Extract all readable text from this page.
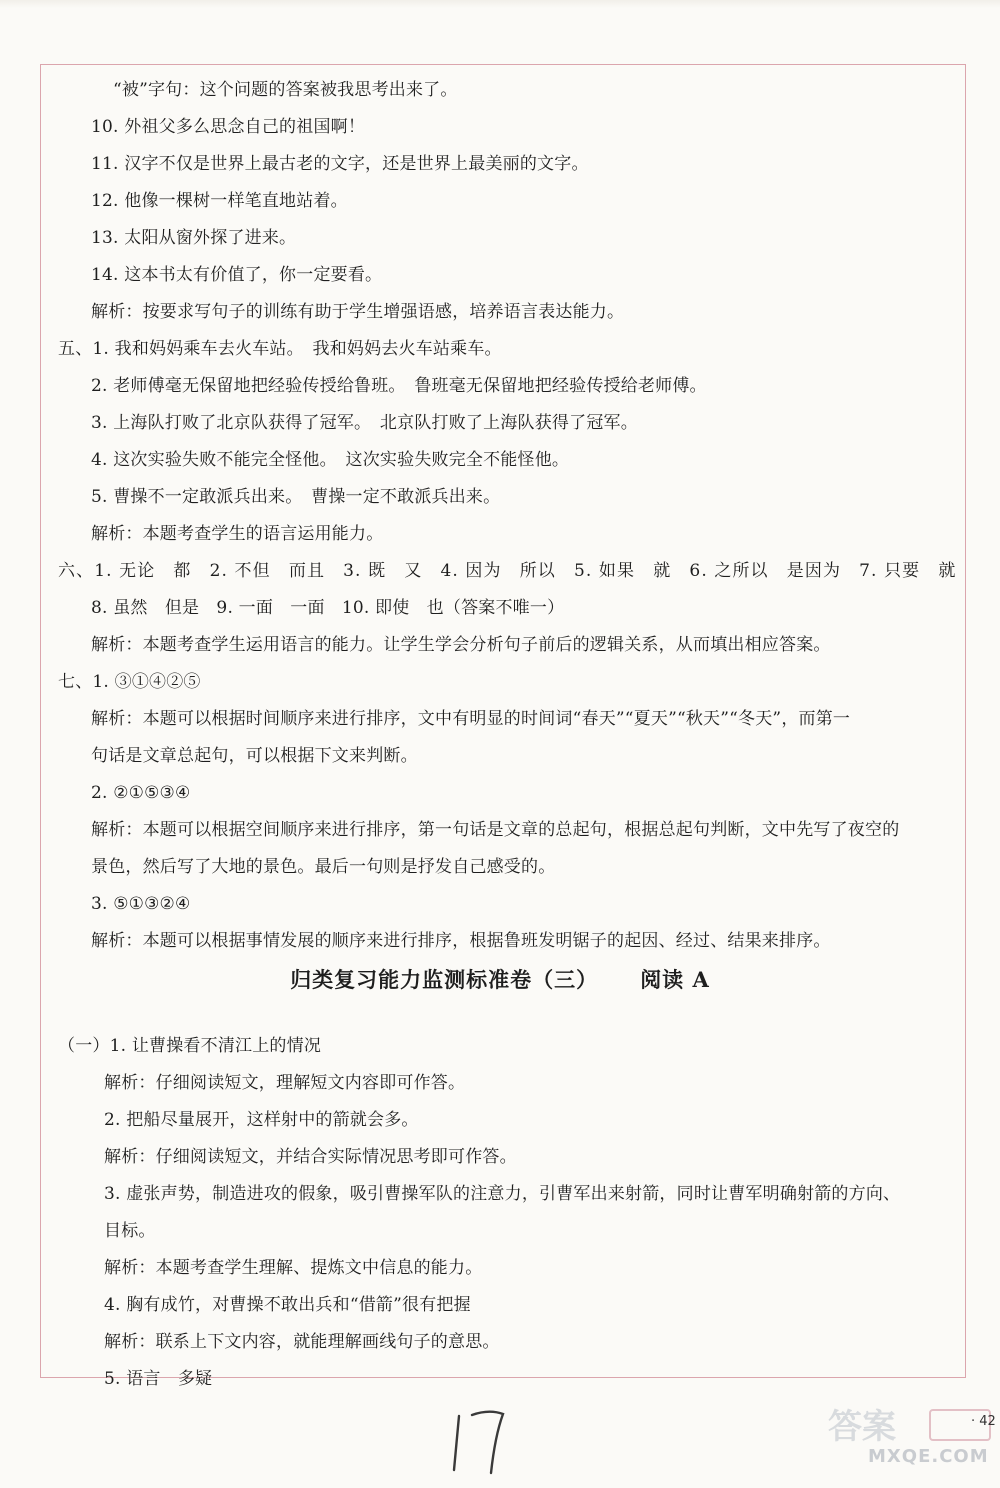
“被”字句：这个问题的答案被我思考出来了。
10. 外祖父多么思念自己的祖国啊！
11. 汉字不仅是世界上最古老的文字，还是世界上最美丽的文字。
12. 他像一棵树一样笔直地站着。
13. 太阳从窗外探了进来。
14. 这本书太有价值了，你一定要看。
解析：按要求写句子的训练有助于学生增强语感，培养语言表达能力。
五、1. 我和妈妈乘车去火车站。　我和妈妈去火车站乘车。
2. 老师傅毫无保留地把经验传授给鲁班。　鲁班毫无保留地把经验传授给老师傅。
3. 上海队打败了北京队获得了冠军。　北京队打败了上海队获得了冠军。
4. 这次实验失败不能完全怪他。　这次实验失败完全不能怪他。
5. 曹操不一定敢派兵出来。　曹操一定不敢派兵出来。
解析：本题考查学生的语言运用能力。
六、1. 无论　都　2. 不但　而且　3. 既　又　4. 因为　所以　5. 如果　就　6. 之所以　是因为　7. 只要　就
8. 虽然　但是　9. 一面　一面　10. 即使　也（答案不唯一）
解析：本题考查学生运用语言的能力。让学生学会分析句子前后的逻辑关系，从而填出相应答案。
七、1. ③①④②⑤
解析：本题可以根据时间顺序来进行排序，文中有明显的时间词“春天”“夏天”“秋天”“冬天”，而第一
句话是文章总起句，可以根据下文来判断。
2. ②①⑤③④
解析：本题可以根据空间顺序来进行排序，第一句话是文章的总起句，根据总起句判断，文中先写了夜空的
景色，然后写了大地的景色。最后一句则是抒发自己感受的。
3. ⑤①③②④
解析：本题可以根据事情发展的顺序来进行排序，根据鲁班发明锯子的起因、经过、结果来排序。
归类复习能力监测标准卷（三） 阅读 A
（一）1. 让曹操看不清江上的情况
解析：仔细阅读短文，理解短文内容即可作答。
2. 把船尽量展开，这样射中的箭就会多。
解析：仔细阅读短文，并结合实际情况思考即可作答。
3. 虚张声势，制造进攻的假象，吸引曹操军队的注意力，引曹军出来射箭，同时让曹军明确射箭的方向、
目标。
解析：本题考查学生理解、提炼文中信息的能力。
4. 胸有成竹，对曹操不敢出兵和“借箭”很有把握
解析：联系上下文内容，就能理解画线句子的意思。
5. 语言　多疑
答案
MXQE.COM
· 42
